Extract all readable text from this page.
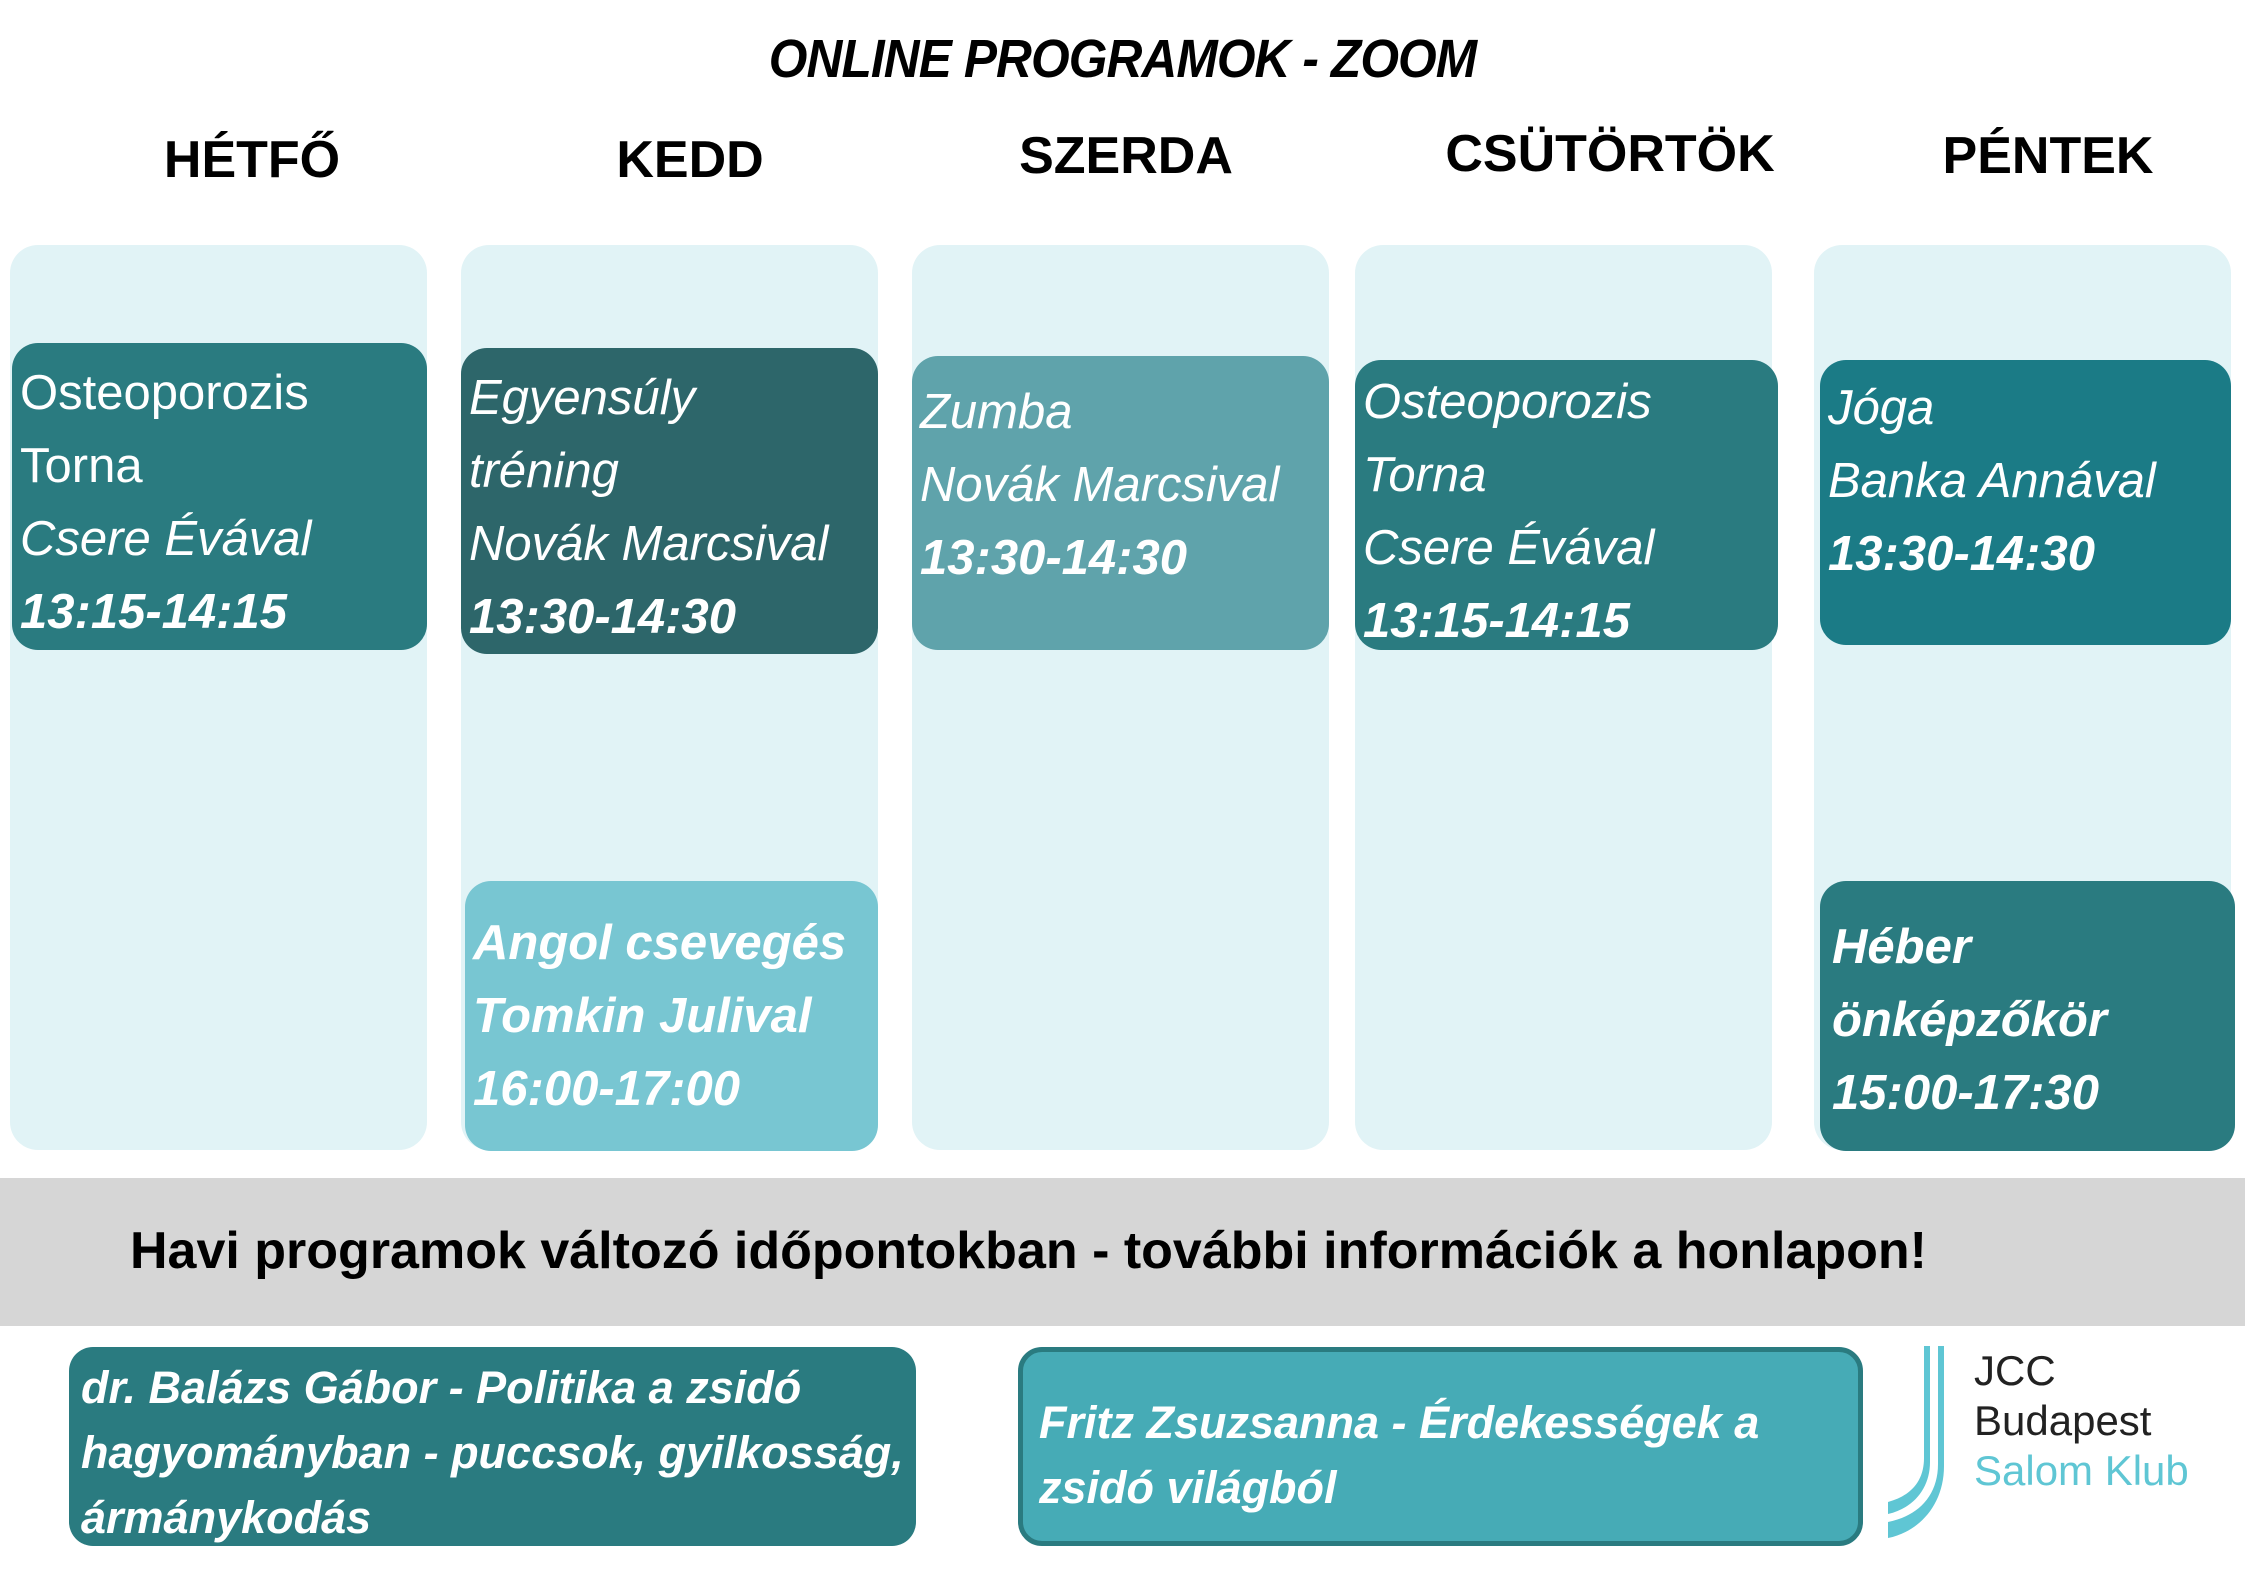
ONLINE PROGRAMOK - ZOOM
HÉTFŐ	KEDD	SZERDA	CSÜTÖRTÖK	PÉNTEK
Osteoporozis
Torna
Csere Évával
13:15-14:15
Egyensúly
tréning
Novák Marcsival
13:30-14:30
Angol csevegés
Tomkin Julival
16:00-17:00
Zumba
Novák Marcsival
13:30-14:30
Osteoporozis
Torna
Csere Évával
13:15-14:15
Jóga
Banka Annával
13:30-14:30
Héber
önképzőkör
15:00-17:30
Havi programok változó időpontokban - további információk a honlapon!
dr. Balázs Gábor - Politika a zsidó
hagyományban - puccsok, gyilkosság,
ármánykodás
Fritz Zsuzsanna - Érdekességek a
zsidó világból
JCC
Budapest
Salom Klub
